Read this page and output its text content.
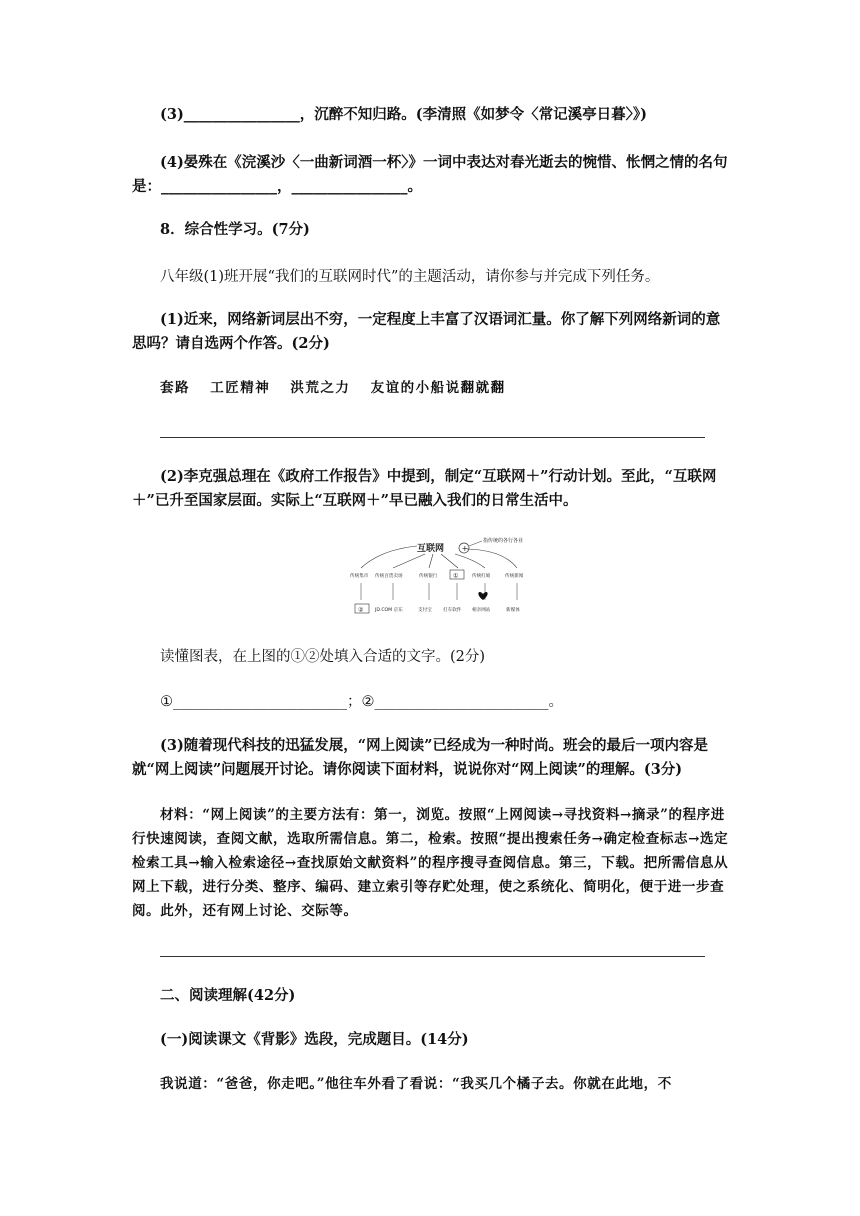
(3)________________，沉醉不知归路。(李清照《如梦令〈常记溪亭日暮〉》)
(4)晏殊在《浣溪沙〈一曲新词酒一杯〉》一词中表达对春光逝去的惋惜、怅惘之情的名句是：________________，________________。
8．综合性学习。(7分)
八年级(1)班开展“我们的互联网时代”的主题活动，请你参与并完成下列任务。
(1)近来，网络新词层出不穷，一定程度上丰富了汉语词汇量。你了解下列网络新词的意思吗？请自选两个作答。(2分)
套路 工匠精神 洪荒之力 友谊的小船说翻就翻
(2)李克强总理在《政府工作报告》中提到，制定“互联网＋”行动计划。至此，“互联网＋”已升至国家层面。实际上“互联网＋”早已融入我们的日常生活中。
互联网 +
指传统的各行各业
传统集市 传统百货卖场	传统银行	①	传统红娘	传统新闻
②	JD.COM 京东	支付宝 打车软件 相亲网站	新媒体
读懂图表，在上图的①②处填入合适的文字。(2分)
①________________________；②________________________。
(3)随着现代科技的迅猛发展，“网上阅读”已经成为一种时尚。班会的最后一项内容是就“网上阅读”问题展开讨论。请你阅读下面材料，说说你对“网上阅读”的理解。(3分)
材料：“网上阅读”的主要方法有：第一，浏览。按照“上网阅读→寻找资料→摘录”的程序进行快速阅读，查阅文献，选取所需信息。第二，检索。按照“提出搜索任务→确定检查标志→选定检索工具→输入检索途径→查找原始文献资料”的程序搜寻查阅信息。第三，下载。把所需信息从网上下载，进行分类、整序、编码、建立索引等存贮处理，使之系统化、简明化，便于进一步查阅。此外，还有网上讨论、交际等。
二、阅读理解(42分)
(一)阅读课文《背影》选段，完成题目。(14分)
我说道：“爸爸，你走吧。”他往车外看了看说：“我买几个橘子去。你就在此地，不
